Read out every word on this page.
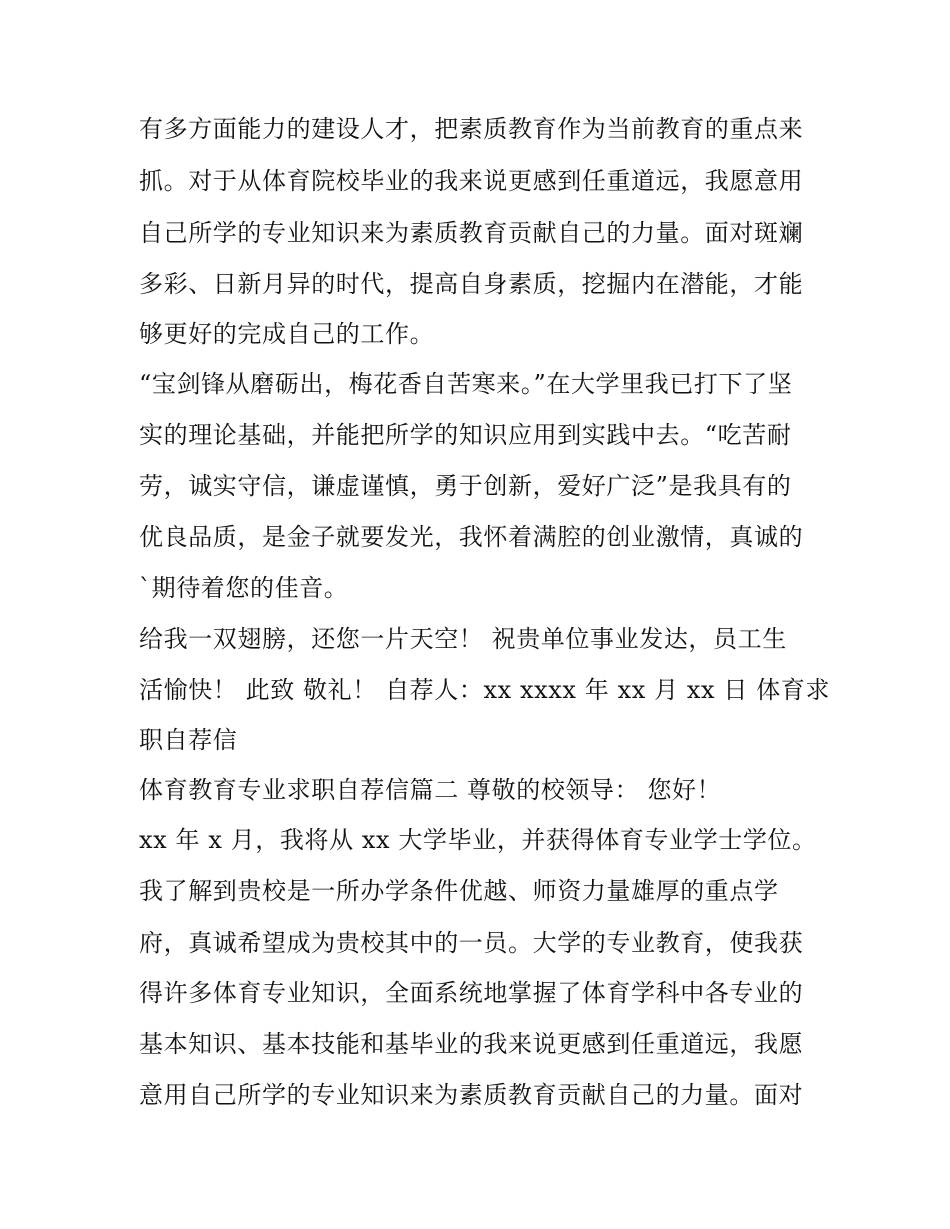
有多方面能力的建设人才，把素质教育作为当前教育的重点来
抓。对于从体育院校毕业的我来说更感到任重道远，我愿意用
自己所学的专业知识来为素质教育贡献自己的力量。面对斑斓
多彩、日新月异的时代，提高自身素质，挖掘内在潜能，才能
够更好的完成自己的工作。
“宝剑锋从磨砺出，梅花香自苦寒来。”在大学里我已打下了坚
实的理论基础，并能把所学的知识应用到实践中去。“吃苦耐
劳，诚实守信，谦虚谨慎，勇于创新，爱好广泛”是我具有的
优良品质，是金子就要发光，我怀着满腔的创业激情，真诚的
`期待着您的佳音。
给我一双翅膀，还您一片天空！ 祝贵单位事业发达，员工生
活愉快！ 此致 敬礼！ 自荐人：xx xxxx 年 xx 月 xx 日 体育求
职自荐信
体育教育专业求职自荐信篇二 尊敬的校领导： 您好！
xx 年 x 月，我将从 xx 大学毕业，并获得体育专业学士学位。
我了解到贵校是一所办学条件优越、师资力量雄厚的重点学
府，真诚希望成为贵校其中的一员。大学的专业教育，使我获
得许多体育专业知识，全面系统地掌握了体育学科中各专业的
基本知识、基本技能和基毕业的我来说更感到任重道远，我愿
意用自己所学的专业知识来为素质教育贡献自己的力量。面对
